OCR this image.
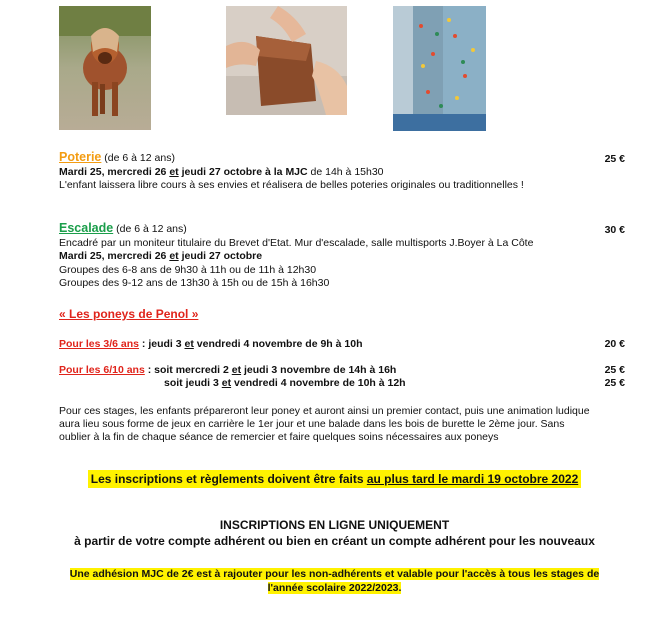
Poterie (de 6 à 12 ans)	25 €
Mardi 25, mercredi 26 et jeudi 27 octobre à la MJC de 14h à 15h30
L'enfant laissera libre cours à ses envies et réalisera de belles poteries originales ou traditionnelles !
Escalade (de 6 à 12 ans)	30 €
Encadré par un moniteur titulaire du Brevet d'Etat. Mur d'escalade, salle multisports J.Boyer à La Côte
Mardi 25, mercredi 26 et jeudi 27 octobre
Groupes des 6-8 ans de 9h30 à 11h ou de 11h à 12h30
Groupes des 9-12 ans de 13h30 à 15h ou de 15h à 16h30
« Les poneys de Penol »
Pour les 3/6 ans : jeudi 3 et vendredi 4 novembre de 9h à 10h	20 €
Pour les 6/10 ans : soit mercredi 2 et jeudi 3 novembre de 14h à 16h	25 €
soit jeudi 3 et vendredi 4 novembre de 10h à 12h	25 €
Pour ces stages, les enfants prépareront leur poney et auront ainsi un premier contact, puis une animation ludique
aura lieu sous forme de jeux en carrière le 1er jour et une balade dans les bois de burette le 2ème jour. Sans
oublier à la fin de chaque séance de remercier et faire quelques soins nécessaires aux poneys
Les inscriptions et règlements doivent être faits au plus tard le mardi 19 octobre 2022
INSCRIPTIONS EN LIGNE UNIQUEMENT
à partir de votre compte adhérent ou bien en créant un compte adhérent pour les nouveaux
Une adhésion MJC de 2€ est à rajouter pour les non-adhérents et valable pour l'accès à tous les stages de
l'année scolaire 2022/2023.
